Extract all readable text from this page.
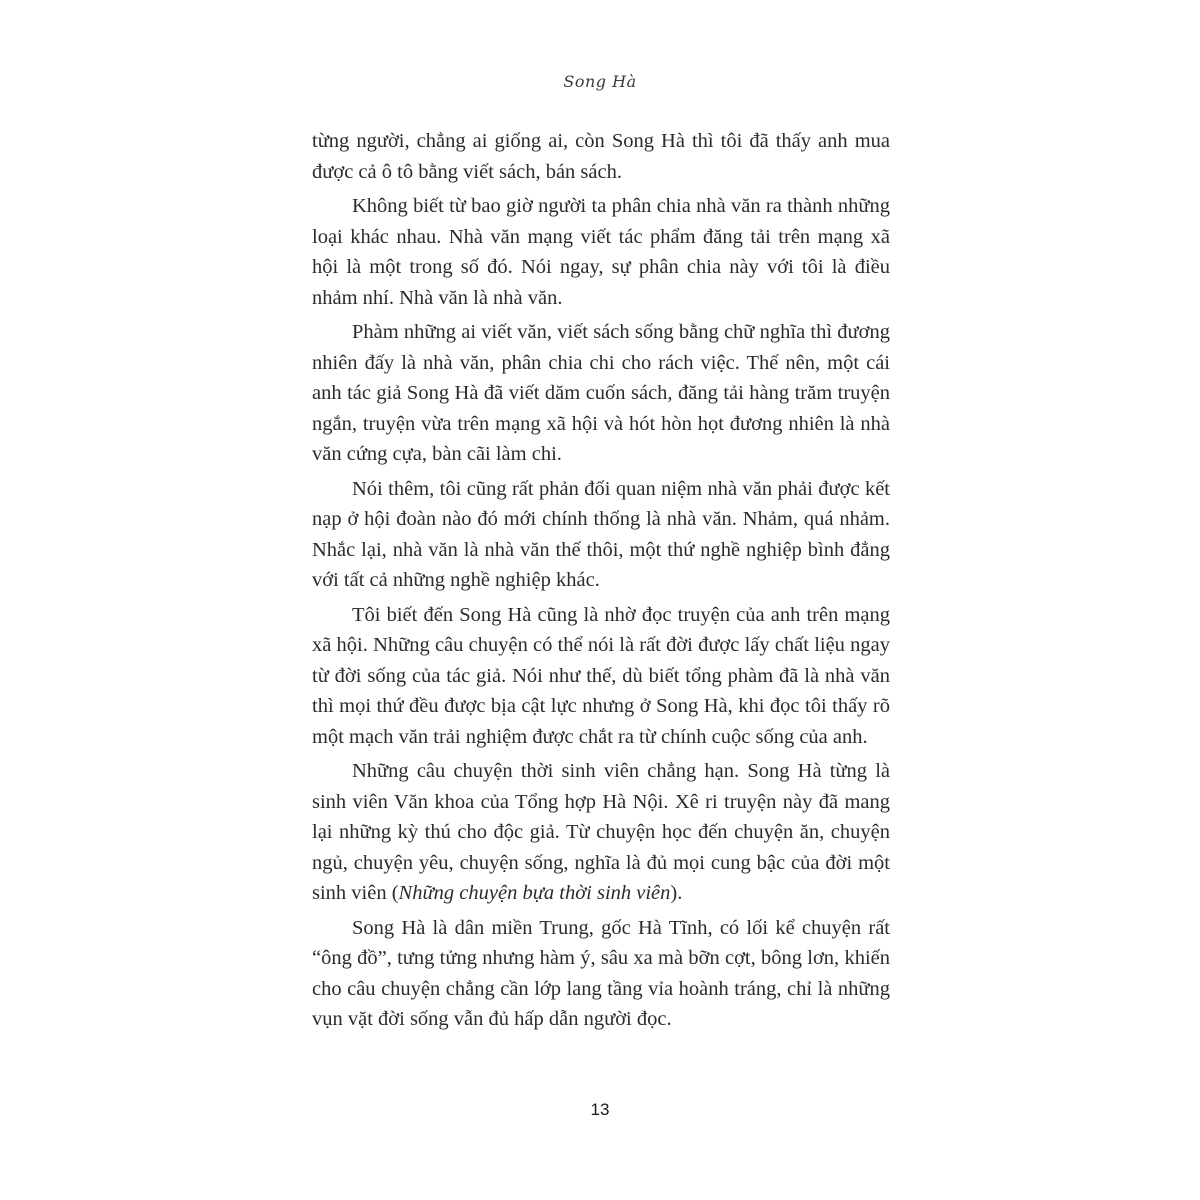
Song Hà

từng người, chẳng ai giống ai, còn Song Hà thì tôi đã thấy anh mua được cả ô tô bằng viết sách, bán sách.

Không biết từ bao giờ người ta phân chia nhà văn ra thành những loại khác nhau. Nhà văn mạng viết tác phẩm đăng tải trên mạng xã hội là một trong số đó. Nói ngay, sự phân chia này với tôi là điều nhảm nhí. Nhà văn là nhà văn.

Phàm những ai viết văn, viết sách sống bằng chữ nghĩa thì đương nhiên đấy là nhà văn, phân chia chi cho rách việc. Thế nên, một cái anh tác giả Song Hà đã viết dăm cuốn sách, đăng tải hàng trăm truyện ngắn, truyện vừa trên mạng xã hội và hót hòn họt đương nhiên là nhà văn cứng cựa, bàn cãi làm chi.

Nói thêm, tôi cũng rất phản đối quan niệm nhà văn phải được kết nạp ở hội đoàn nào đó mới chính thống là nhà văn. Nhảm, quá nhảm. Nhắc lại, nhà văn là nhà văn thế thôi, một thứ nghề nghiệp bình đẳng với tất cả những nghề nghiệp khác.

Tôi biết đến Song Hà cũng là nhờ đọc truyện của anh trên mạng xã hội. Những câu chuyện có thể nói là rất đời được lấy chất liệu ngay từ đời sống của tác giả. Nói như thế, dù biết tổng phàm đã là nhà văn thì mọi thứ đều được bịa cật lực nhưng ở Song Hà, khi đọc tôi thấy rõ một mạch văn trải nghiệm được chắt ra từ chính cuộc sống của anh.

Những câu chuyện thời sinh viên chẳng hạn. Song Hà từng là sinh viên Văn khoa của Tổng hợp Hà Nội. Xê ri truyện này đã mang lại những kỳ thú cho độc giả. Từ chuyện học đến chuyện ăn, chuyện ngủ, chuyện yêu, chuyện sống, nghĩa là đủ mọi cung bậc của đời một sinh viên (Những chuyện bựa thời sinh viên).

Song Hà là dân miền Trung, gốc Hà Tĩnh, có lối kể chuyện rất “ông đồ”, tưng tửng nhưng hàm ý, sâu xa mà bỡn cợt, bông lơn, khiến cho câu chuyện chẳng cần lớp lang tầng vỉa hoành tráng, chỉ là những vụn vặt đời sống vẫn đủ hấp dẫn người đọc.

13
